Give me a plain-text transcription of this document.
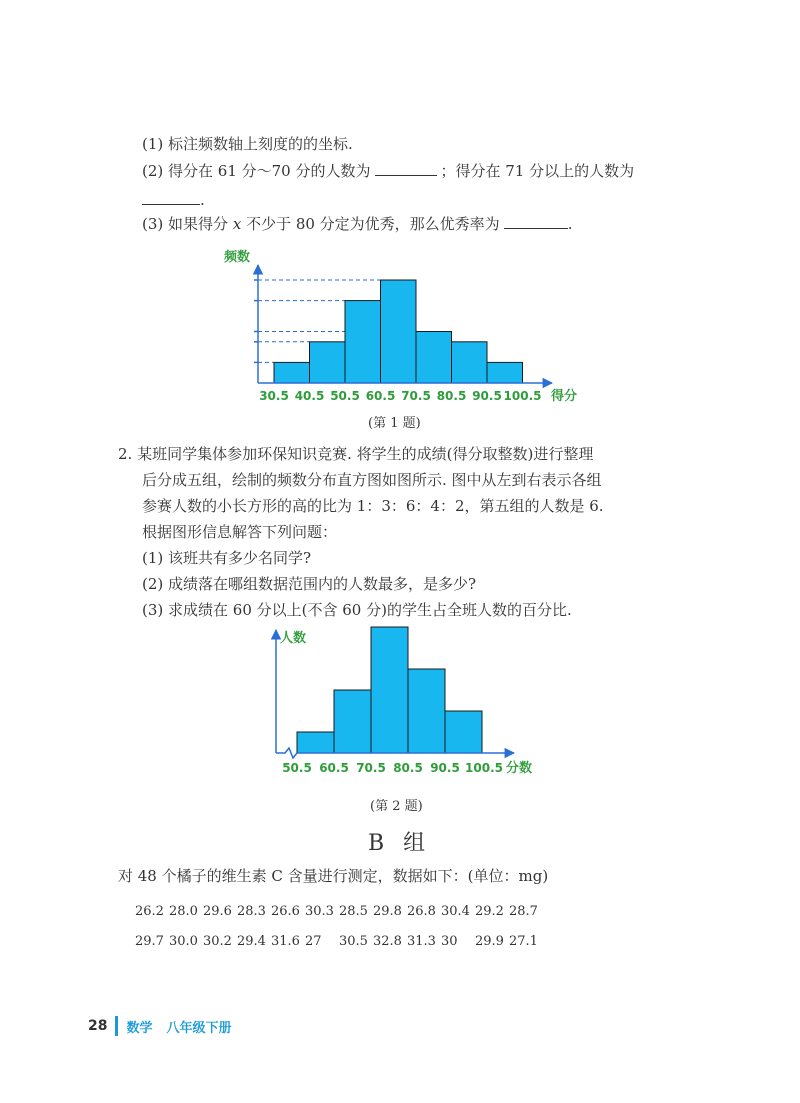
(1) 标注频数轴上刻度的的坐标.
(2) 得分在 61 分～70 分的人数为	；得分在 71 分以上的人数为
.
(3) 如果得分 x 不少于 80 分定为优秀，那么优秀率为	.
频数
得分
30.5 40.5 50.5 60.5 70.5 80.5 90.5 100.5
(第 1 题)
2. 某班同学集体参加环保知识竞赛. 将学生的成绩(得分取整数)进行整理
后分成五组，绘制的频数分布直方图如图所示. 图中从左到右表示各组
参赛人数的小长方形的高的比为 1：3：6：4：2，第五组的人数是 6.
根据图形信息解答下列问题：
(1) 该班共有多少名同学?
(2) 成绩落在哪组数据范围内的人数最多，是多少?
(3) 求成绩在 60 分以上(不含 60 分)的学生占全班人数的百分比.
人数
分数
50.5 60.5 70.5 80.5 90.5 100.5
(第 2 题)
B 组
对 48 个橘子的维生素 C 含量进行测定，数据如下：(单位：mg)
26.2 28.0 29.6 28.3 26.6 30.3 28.5 29.8 26.8 30.4 29.2 28.7
29.7 30.0 30.2 29.4 31.6 27 30.5 32.8 31.3 30 29.9 27.1
28 数学 八年级下册
